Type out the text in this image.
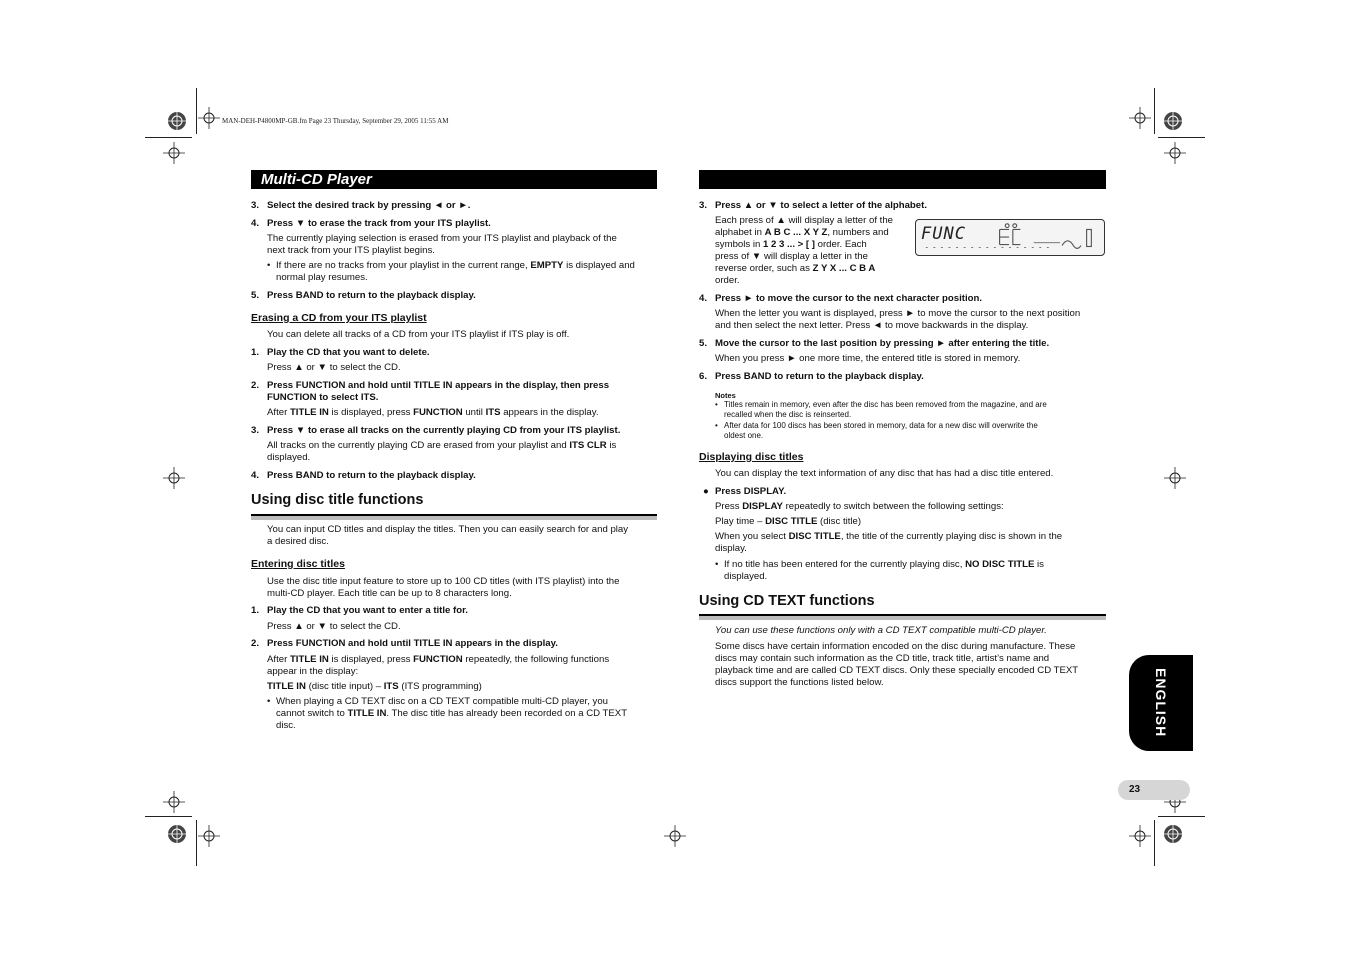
MAN-DEH-P4800MP-GB.fm Page 23 Thursday, September 29, 2005 11:55 AM
Multi-CD Player
3. Select the desired track by pressing ◄ or ►.
4. Press ▼ to erase the track from your ITS playlist.

The currently playing selection is erased from your ITS playlist and playback of the

next track from your ITS playlist begins.

• If there are no tracks from your playlist in the current range, EMPTY is displayed and

normal play resumes.

5. Press BAND to return to the playback display.
Erasing a CD from your ITS playlist

You can delete all tracks of a CD from your ITS playlist if ITS play is off.

1. Play the CD that you want to delete.

Press ▲ or ▼ to select the CD.

2. Press FUNCTION and hold until TITLE IN appears in the display, then press

FUNCTION to select ITS.

After TITLE IN is displayed, press FUNCTION until ITS appears in the display.

3. Press ▼ to erase all tracks on the currently playing CD from your ITS playlist.

All tracks on the currently playing CD are erased from your playlist and ITS CLR is

displayed.

4. Press BAND to return to the playback display.
Using disc title functions

You can input CD titles and display the titles. Then you can easily search for and play

a desired disc.

Entering disc titles

Use the disc title input feature to store up to 100 CD titles (with ITS playlist) into the

multi-CD player. Each title can be up to 8 characters long.

1. Play the CD that you want to enter a title for.

Press ▲ or ▼ to select the CD.

2. Press FUNCTION and hold until TITLE IN appears in the display.

After TITLE IN is displayed, press FUNCTION repeatedly, the following functions

appear in the display:

TITLE IN (disc title input) – ITS (ITS programming)

• When playing a CD TEXT disc on a CD TEXT compatible multi-CD player, you

cannot switch to TITLE IN. The disc title has already been recorded on a CD TEXT

disc.

3. Press ▲ or ▼ to select a letter of the alphabet.

Each press of ▲ will display a letter of the

alphabet in A B C ... X Y Z, numbers and

symbols in 1 2 3 ... > [ ] order. Each

press of ▼ will display a letter in the

reverse order, such as Z Y X ... C B A

order.

4. Press ► to move the cursor to the next character position.

When the letter you want is displayed, press ► to move the cursor to the next position

and then select the next letter. Press ◄ to move backwards in the display.

5. Move the cursor to the last position by pressing ► after entering the title.

When you press ► one more time, the entered title is stored in memory.

6. Press BAND to return to the playback display.

Notes

• Titles remain in memory, even after the disc has been removed from the magazine, and are

recalled when the disc is reinserted.

• After data for 100 discs has been stored in memory, data for a new disc will overwrite the

oldest one.

Displaying disc titles

You can display the text information of any disc that has had a disc title entered.

● Press DISPLAY.

Press DISPLAY repeatedly to switch between the following settings:

Play time – DISC TITLE (disc title)

When you select DISC TITLE, the title of the currently playing disc is shown in the

display.

• If no title has been entered for the currently playing disc, NO DISC TITLE is

displayed.

Using CD TEXT functions

You can use these functions only with a CD TEXT compatible multi-CD player.

Some discs have certain information encoded on the disc during manufacture. These

discs may contain such information as the CD title, track title, artist’s name and

playback time and are called CD TEXT discs. Only these specially encoded CD TEXT

discs support the functions listed below.

FUNC
ENGLISH
23
